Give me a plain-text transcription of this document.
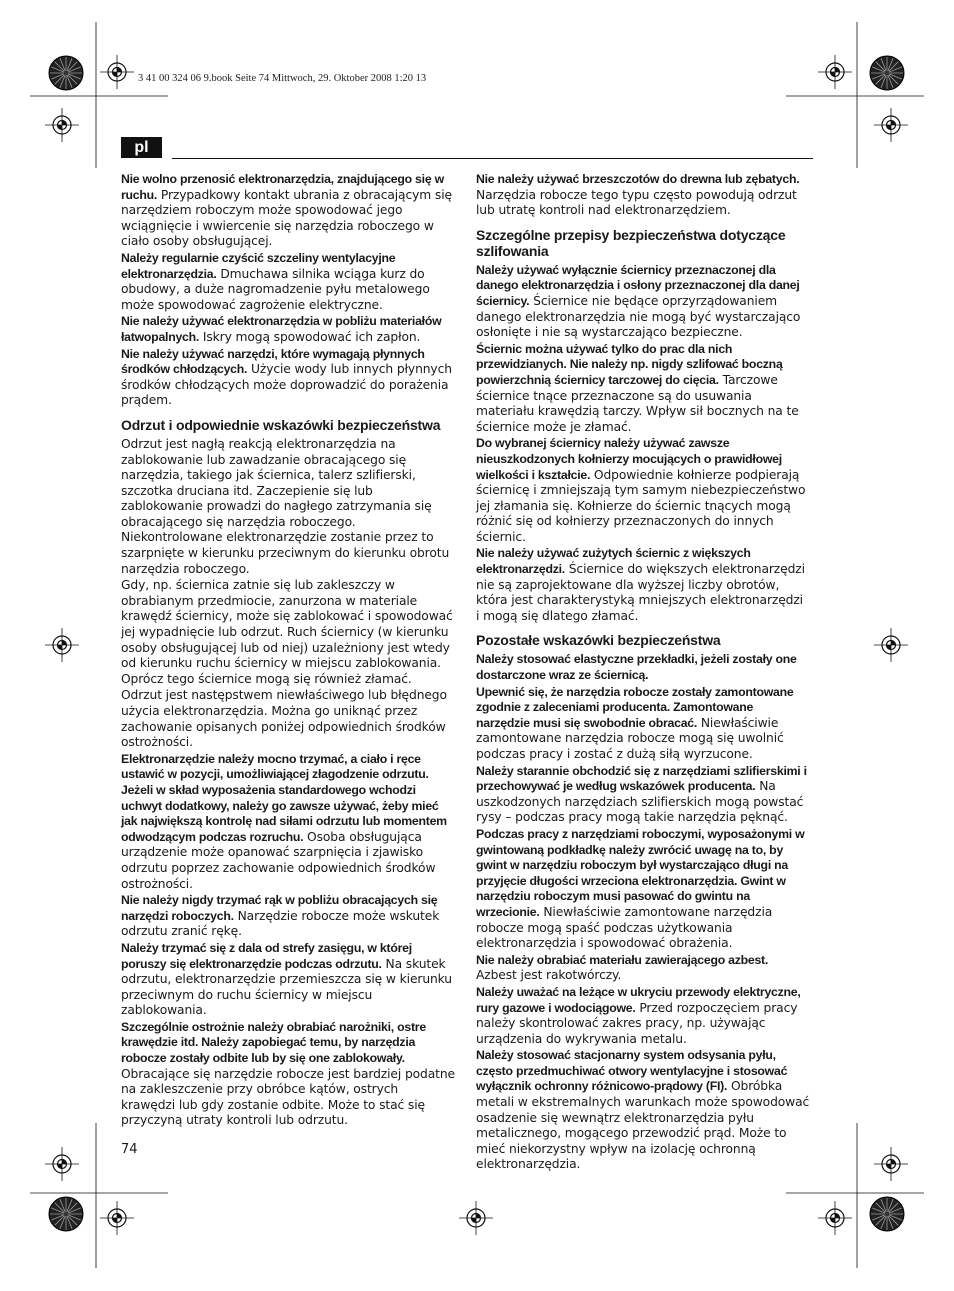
3 41 00 324 06 9.book Seite 74 Mittwoch, 29. Oktober 2008 1:20 13
pl
Nie wolno przenosić elektronarzędzia, znajdującego się w ruchu. Przypadkowy kontakt ubrania z obracającym się narzędziem roboczym może spowodować jego wciągnięcie i wwiercenie się narzędzia roboczego w ciało osoby obsługującej.
Należy regularnie czyścić szczeliny wentylacyjne elektronarzędzia. Dmuchawa silnika wciąga kurz do obudowy, a duże nagromadzenie pyłu metalowego może spowodować zagrożenie elektryczne.
Nie należy używać elektronarzędzia w pobliżu materiałów łatwopalnych. Iskry mogą spowodować ich zapłon.
Nie należy używać narzędzi, które wymagają płynnych środków chłodzących. Użycie wody lub innych płynnych środków chłodzących może doprowadzić do porażenia prądem.
Odrzut i odpowiednie wskazówki bezpieczeństwa
Odrzut jest nagłą reakcją elektronarzędzia na zablokowanie lub zawadzanie obracającego się narzędzia, takiego jak ściernica, talerz szlifierski, szczotka druciana itd. Zaczepienie się lub zablokowanie prowadzi do nagłego zatrzymania się obracającego się narzędzia roboczego. Niekontrolowane elektronarzędzie zostanie przez to szarpnięte w kierunku przeciwnym do kierunku obrotu narzędzia roboczego.
Gdy, np. ściernica zatnie się lub zakleszczy w obrabianym przedmiocie, zanurzona w materiale krawędź ściernicy, może się zablokować i spowodować jej wypadnięcie lub odrzut. Ruch ściernicy (w kierunku osoby obsługującej lub od niej) uzależniony jest wtedy od kierunku ruchu ściernicy w miejscu zablokowania. Oprócz tego ściernice mogą się również złamać.
Odrzut jest następstwem niewłaściwego lub błędnego użycia elektronarzędzia. Można go uniknąć przez zachowanie opisanych poniżej odpowiednich środków ostrożności.
Elektronarzędzie należy mocno trzymać, a ciało i ręce ustawić w pozycji, umożliwiającej złagodzenie odrzutu. Jeżeli w skład wyposażenia standardowego wchodzi uchwyt dodatkowy, należy go zawsze używać, żeby mieć jak największą kontrolę nad siłami odrzutu lub momentem odwodzącym podczas rozruchu. Osoba obsługująca urządzenie może opanować szarpnięcia i zjawisko odrzutu poprzez zachowanie odpowiednich środków ostrożności.
Nie należy nigdy trzymać rąk w pobliżu obracających się narzędzi roboczych. Narzędzie robocze może wskutek odrzutu zranić rękę.
Należy trzymać się z dala od strefy zasięgu, w której poruszy się elektronarzędzie podczas odrzutu. Na skutek odrzutu, elektronarzędzie przemieszcza się w kierunku przeciwnym do ruchu ściernicy w miejscu zablokowania.
Szczególnie ostrożnie należy obrabiać narożniki, ostre krawędzie itd. Należy zapobiegać temu, by narzędzia robocze zostały odbite lub by się one zablokowały. Obracające się narzędzie robocze jest bardziej podatne na zakleszczenie przy obróbce kątów, ostrych krawędzi lub gdy zostanie odbite. Może to stać się przyczyną utraty kontroli lub odrzutu.
Nie należy używać brzeszczotów do drewna lub zębatych. Narzędzia robocze tego typu często powodują odrzut lub utratę kontroli nad elektronarzędziem.
Szczególne przepisy bezpieczeństwa dotyczące szlifowania
Należy używać wyłącznie ściernicy przeznaczonej dla danego elektronarzędzia i osłony przeznaczonej dla danej ściernicy. Ściernice nie będące oprzyrządowaniem danego elektronarzędzia nie mogą być wystarczająco osłonięte i nie są wystarczająco bezpieczne.
Ściernic można używać tylko do prac dla nich przewidzianych. Nie należy np. nigdy szlifować boczną powierzchnią ściernicy tarczowej do cięcia. Tarczowe ściernice tnące przeznaczone są do usuwania materiału krawędzią tarczy. Wpływ sił bocznych na te ściernice może je złamać.
Do wybranej ściernicy należy używać zawsze nieuszkodzonych kołnierzy mocujących o prawidłowej wielkości i kształcie. Odpowiednie kołnierze podpierają ściernicę i zmniejszają tym samym niebezpieczeństwo jej złamania się. Kołnierze do ściernic tnących mogą różnić się od kołnierzy przeznaczonych do innych ściernic.
Nie należy używać zużytych ściernic z większych elektronarzędzi. Ściernice do większych elektronarzędzi nie są zaprojektowane dla wyższej liczby obrotów, która jest charakterystyką mniejszych elektronarzędzi i mogą się dlatego złamać.
Pozostałe wskazówki bezpieczeństwa
Należy stosować elastyczne przekładki, jeżeli zostały one dostarczone wraz ze ściernicą.
Upewnić się, że narzędzia robocze zostały zamontowane zgodnie z zaleceniami producenta. Zamontowane narzędzie musi się swobodnie obracać. Niewłaściwie zamontowane narzędzia robocze mogą się uwolnić podczas pracy i zostać z dużą siłą wyrzucone.
Należy starannie obchodzić się z narzędziami szlifierskimi i przechowywać je według wskazówek producenta. Na uszkodzonych narzędziach szlifierskich mogą powstać rysy – podczas pracy mogą takie narzędzia pęknąć.
Podczas pracy z narzędziami roboczymi, wyposażonymi w gwintowaną podkładkę należy zwrócić uwagę na to, by gwint w narzędziu roboczym był wystarczająco długi na przyjęcie długości wrzeciona elektronarzędzia. Gwint w narzędziu roboczym musi pasować do gwintu na wrzecionie. Niewłaściwie zamontowane narzędzia robocze mogą spaść podczas użytkowania elektronarzędzia i spowodować obrażenia.
Nie należy obrabiać materiału zawierającego azbest. Azbest jest rakotwórczy.
Należy uważać na leżące w ukryciu przewody elektryczne, rury gazowe i wodociągowe. Przed rozpoczęciem pracy należy skontrolować zakres pracy, np. używając urządzenia do wykrywania metalu.
Należy stosować stacjonarny system odsysania pyłu, często przedmuchiwać otwory wentylacyjne i stosować wyłącznik ochronny różnicowo-prądowy (FI). Obróbka metali w ekstremalnych warunkach może spowodować osadzenie się wewnątrz elektronarzędzia pyłu metalicznego, mogącego przewodzić prąd. Może to mieć niekorzystny wpływ na izolację ochronną elektronarzędzia.
74
